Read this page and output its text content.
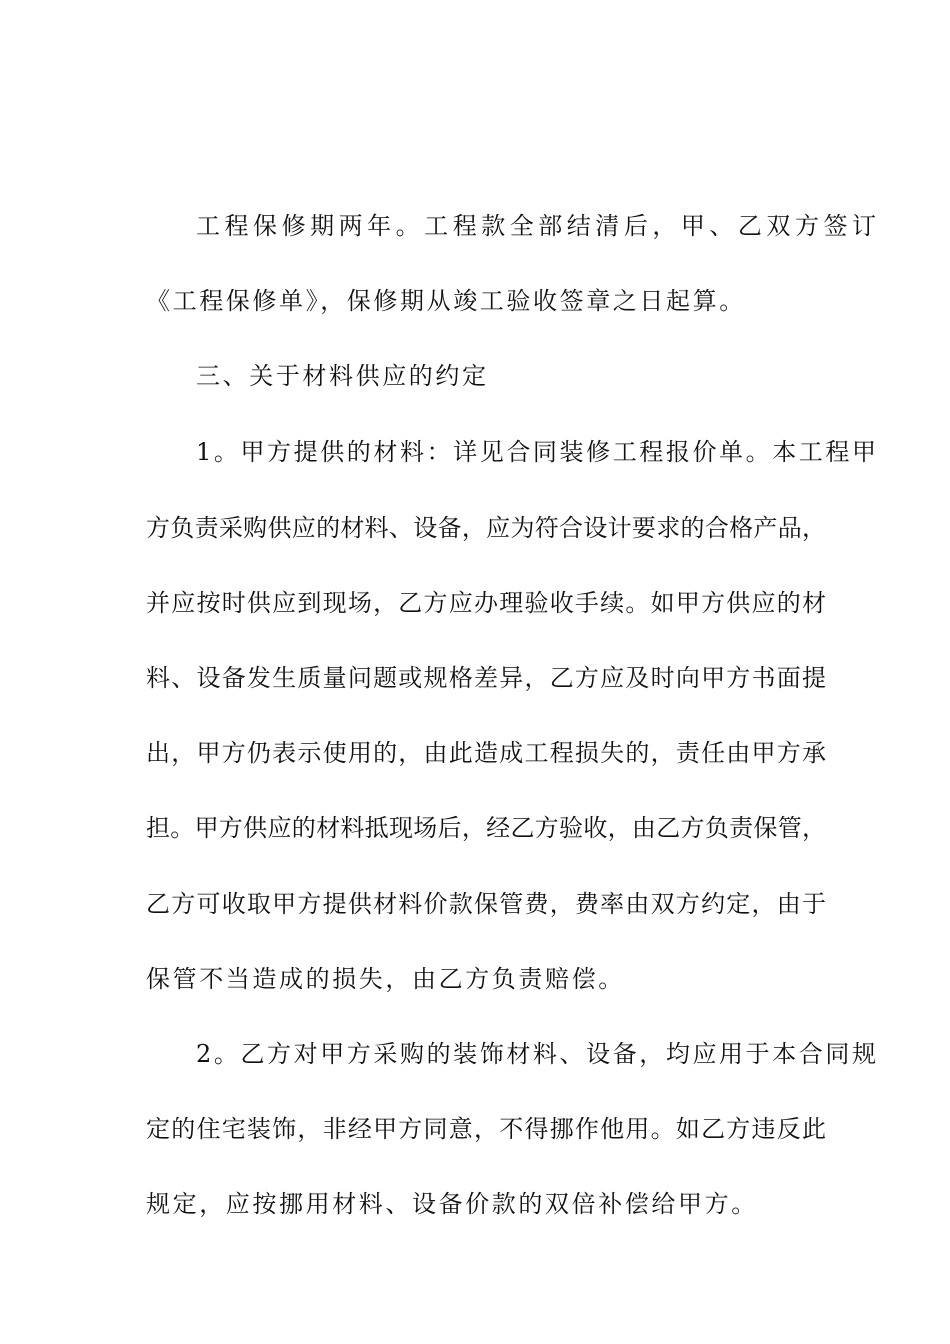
工程保修期两年。工程款全部结清后，甲、乙双方签订
《工程保修单》，保修期从竣工验收签章之日起算。
三、关于材料供应的约定
1。甲方提供的材料：详见合同装修工程报价单。本工程甲
方负责采购供应的材料、设备，应为符合设计要求的合格产品，
并应按时供应到现场，乙方应办理验收手续。如甲方供应的材
料、设备发生质量问题或规格差异，乙方应及时向甲方书面提
出，甲方仍表示使用的，由此造成工程损失的，责任由甲方承
担。甲方供应的材料抵现场后，经乙方验收，由乙方负责保管，
乙方可收取甲方提供材料价款保管费，费率由双方约定，由于
保管不当造成的损失，由乙方负责赔偿。
2。乙方对甲方采购的装饰材料、设备，均应用于本合同规
定的住宅装饰，非经甲方同意，不得挪作他用。如乙方违反此
规定，应按挪用材料、设备价款的双倍补偿给甲方。
